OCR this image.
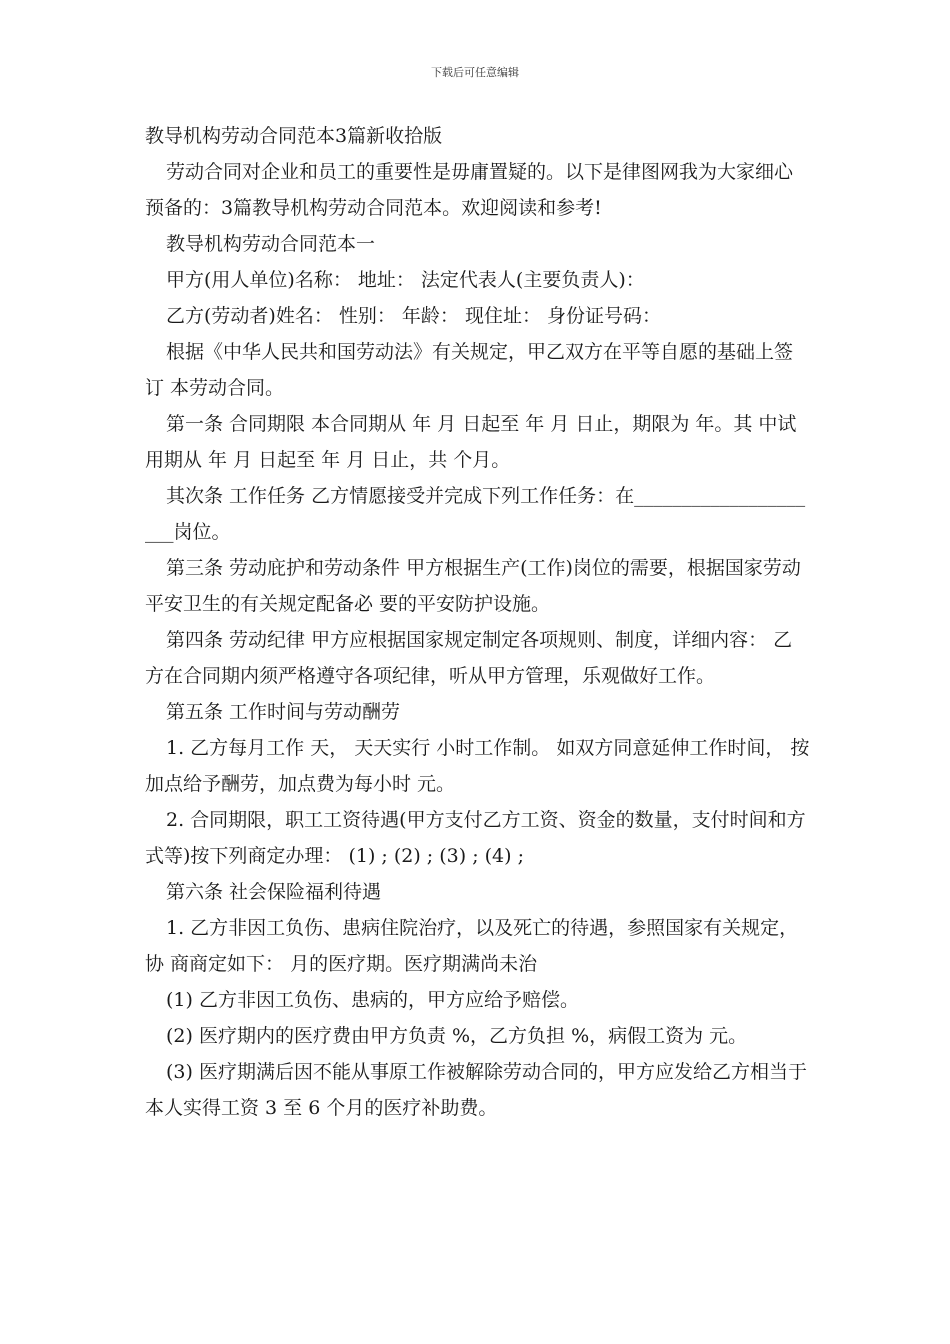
下载后可任意编辑

教导机构劳动合同范本3篇新收拾版

劳动合同对企业和员工的重要性是毋庸置疑的。以下是律图网我为大家细心预备的：3篇教导机构劳动合同范本。欢迎阅读和参考!

教导机构劳动合同范本一

甲方(用人单位)名称： 地址： 法定代表人(主要负责人)：

乙方(劳动者)姓名： 性别： 年龄： 现住址： 身份证号码：

根据《中华人民共和国劳动法》有关规定，甲乙双方在平等自愿的基础上签订 本劳动合同。

第一条 合同期限 本合同期从 年 月 日起至 年 月 日止，期限为 年。其 中试用期从 年 月 日起至 年 月 日止，共 个月。

其次条 工作任务 乙方情愿接受并完成下列工作任务：在_____________________岗位。

第三条 劳动庇护和劳动条件 甲方根据生产(工作)岗位的需要，根据国家劳动平安卫生的有关规定配备必 要的平安防护设施。

第四条 劳动纪律 甲方应根据国家规定制定各项规则、制度，详细内容： 乙方在合同期内须严格遵守各项纪律，听从甲方管理，乐观做好工作。

第五条 工作时间与劳动酬劳

1. 乙方每月工作 天， 天天实行 小时工作制。 如双方同意延伸工作时间， 按加点给予酬劳，加点费为每小时 元。

2. 合同期限，职工工资待遇(甲方支付乙方工资、资金的数量，支付时间和方 式等)按下列商定办理： (1) ; (2) ; (3) ; (4) ;

第六条 社会保险福利待遇

1. 乙方非因工负伤、患病住院治疗，以及死亡的待遇，参照国家有关规定，协 商商定如下： 月的医疗期。医疗期满尚未治

(1) 乙方非因工负伤、患病的，甲方应给予赔偿。

(2) 医疗期内的医疗费由甲方负责 %，乙方负担 %，病假工资为 元。

(3) 医疗期满后因不能从事原工作被解除劳动合同的，甲方应发给乙方相当于 本人实得工资 3 至 6 个月的医疗补助费。
